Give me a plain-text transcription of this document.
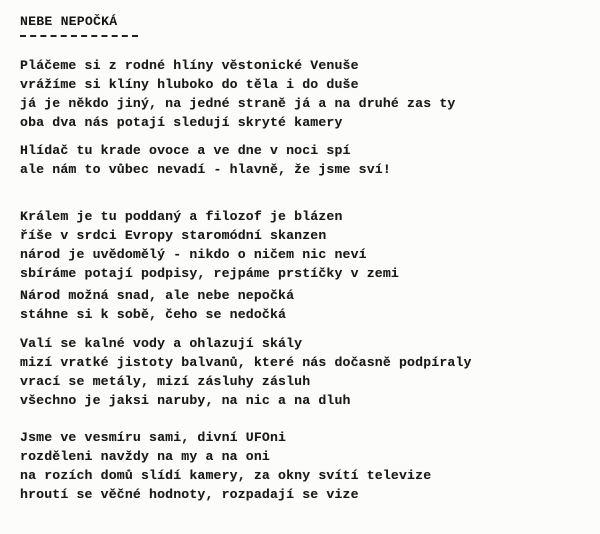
NEBE NEPOČKÁ
Pláčeme si z rodné hlíny věstonické Venuše
vrážíme si klíny hluboko do těla i do duše
já je někdo jiný, na jedné straně já a na druhé zas ty
oba dva nás potají sledují skryté kamery
Hlídač tu krade ovoce a ve dne v noci spí
ale nám to vůbec nevadí - hlavně, že jsme sví!
Králem je tu poddaný a filozof je blázen
říše v srdci Evropy staromódní skanzen
národ je uvědomělý - nikdo o ničem nic neví
sbíráme potají podpisy, rejpáme prstíčky v zemi
Národ možná snad, ale nebe nepočká
stáhne si k sobě, čeho se nedočká
Valí se kalné vody a ohlazují skály
mizí vratké jistoty balvanů, které nás dočasně podpíraly
vrací se metály, mizí zásluhy zásluh
všechno je jaksi naruby, na nic a na dluh
Jsme ve vesmíru sami, divní UFOni
rozděleni navždy na my a na oni
na rozích domů slídí kamery, za okny svítí televize
hroutí se věčné hodnoty, rozpadají se vize
